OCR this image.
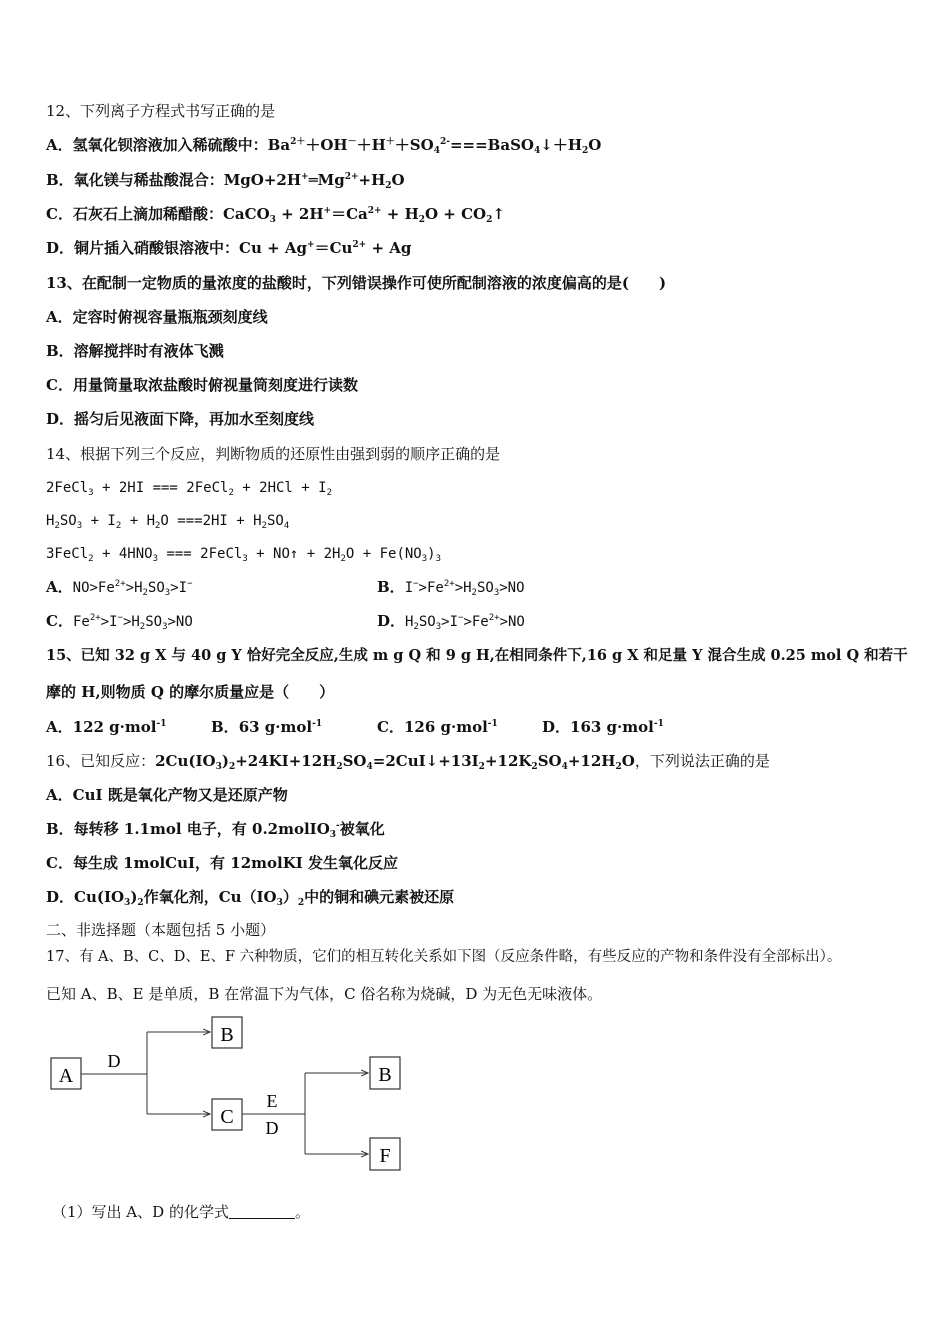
12、下列离子方程式书写正确的是
A．氢氧化钡溶液加入稀硫酸中：$Ba^{2+}+OH^-+H^++SO_4^{2-}===BaSO_4↓+H_2O$
B．氧化镁与稀盐酸混合：$MgO+2H^+═Mg^{2+}+H_2O$
C．石灰石上滴加稀醋酸：CaCO$_3$ + $2H^+=Ca^{2+} + H_2O$ + $CO_2↑$
D．铜片插入硝酸银溶液中：$Cu + Ag^+=Cu^{2+} + Ag$
13、在配制一定物质的量浓度的盐酸时，下列错误操作可使所配制溶液的浓度偏高的是(　　)
A．定容时俯视容量瓶瓶颈刻度线
B．溶解搅拌时有液体飞溅
C．用量筒量取浓盐酸时俯视量筒刻度进行读数
D．摇匀后见液面下降，再加水至刻度线
14、根据下列三个反应，判断物质的还原性由强到弱的顺序正确的是
2FeCl$_3$ + 2HI === 2FeCl$_2$ + $2HCl + I_2$
$H_2SO_3 + I_2 + H_2O ===2HI + H_2SO_4$
3FeCl$_2$ + $4HNO_3$ === 2FeCl$_3$ + NO↑ + $2H_2O + Fe(NO_3)_3$
A．$NO>Fe^{2+}>H_2SO_3>I^-$	B．$I^->Fe^{2+}>H_2SO_3>NO$
C．$Fe^{2+}>I^->H_2SO_3>NO$	D．$H_2SO_3>I^->Fe^{2+}>NO$
15、已知 32 g X 与 40 g Y 恰好完全反应,生成 m g Q 和 9 g H,在相同条件下,16 g X 和足量 Y 混合生成 0.25 mol Q 和若干
摩的 H,则物质 Q 的摩尔质量应是（　　）
A．122 g·mol$^{-1}$	B．63 g·mol$^{-1}$	C．126 g·mol$^{-1}$	D．163 g·mol$^{-1}$
16、已知反应：$2Cu(IO_3)_2+24KI+12H_2SO_4=2CuI↓+13I_2+12K_2SO_4+12H_2O$，下列说法正确的是
A．CuI 既是氧化产物又是还原产物
B．每转移 1.1mol 电子，有 0.2molIO$_3$-被氧化
C．每生成 1molCuI，有 12molKI 发生氧化反应
D．$Cu(IO_3)_2$作氧化剂，$Cu(IO_3)_2$中的铜和碘元素被还原
二、非选择题（本题包括 5 小题）
17、有 A、B、C、D、E、F 六种物质，它们的相互转化关系如下图（反应条件略，有些反应的产物和条件没有全部标出）。
已知 A、B、E 是单质，B 在常温下为气体，C 俗名称为烧碱，D 为无色无味液体。
A
D
B
C
E
D
B
F
（1）写出 A、D 的化学式	。
